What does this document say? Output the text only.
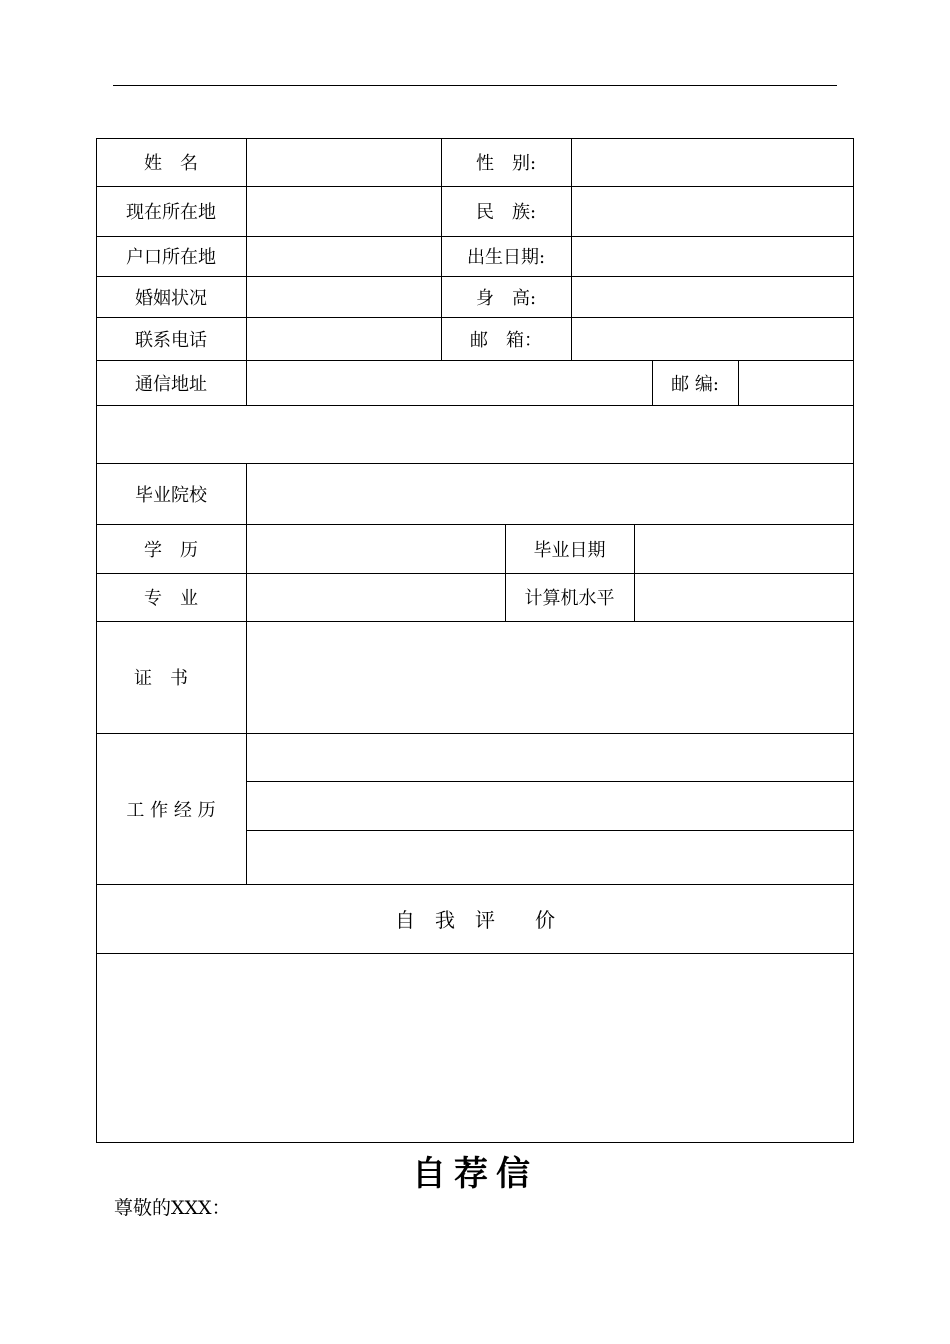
姓　名	性　别:
现在所在地	民　族:
户口所在地	出生日期:
婚姻状况	身　高:
联系电话	邮　箱：
通信地址	邮 编:
毕业院校
学　历	毕业日期
专　业	计算机水平
证　书
工 作 经 历
自　我　评　　价
自荐信
尊敬的XXX：
